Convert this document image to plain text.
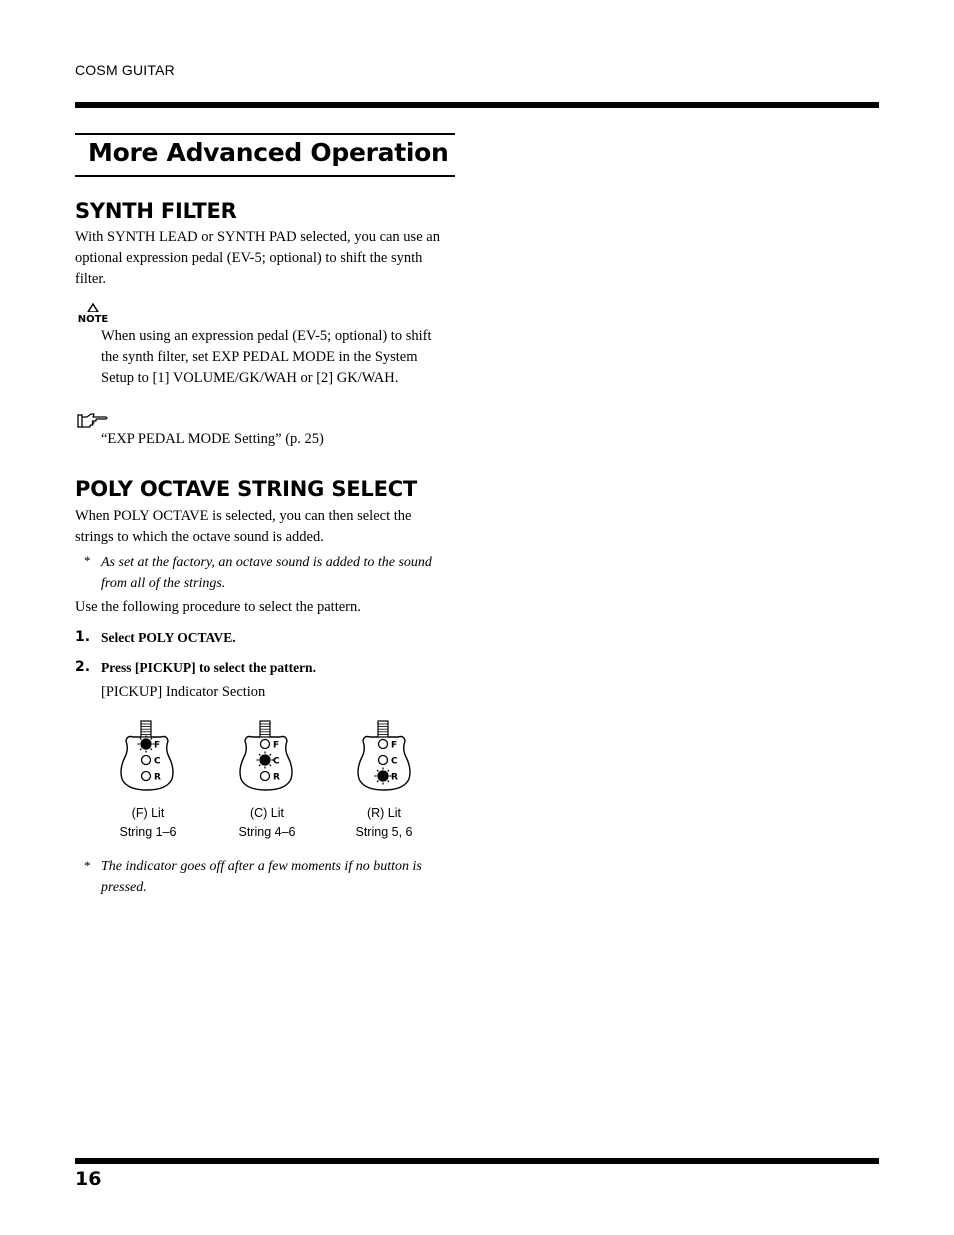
COSM GUITAR
More Advanced Operation
SYNTH FILTER
With SYNTH LEAD or SYNTH PAD selected, you can use an
optional expression pedal (EV-5; optional) to shift the synth
filter.
NOTE
When using an expression pedal (EV-5; optional) to shift
the synth filter, set EXP PEDAL MODE in the System
Setup to [1] VOLUME/GK/WAH or [2] GK/WAH.
“EXP PEDAL MODE Setting” (p. 25)
POLY OCTAVE STRING SELECT
When POLY OCTAVE is selected, you can then select the
strings to which the octave sound is added.
* As set at the factory, an octave sound is added to the sound
from all of the strings.
Use the following procedure to select the pattern.
1. Select POLY OCTAVE.
2. Press [PICKUP] to select the pattern.
[PICKUP] Indicator Section
F
C
R
F
C
R
F
C
R
(F) Lit
String 1–6
(C) Lit
String 4–6
(R) Lit
String 5, 6
* The indicator goes off after a few moments if no button is
pressed.
16
